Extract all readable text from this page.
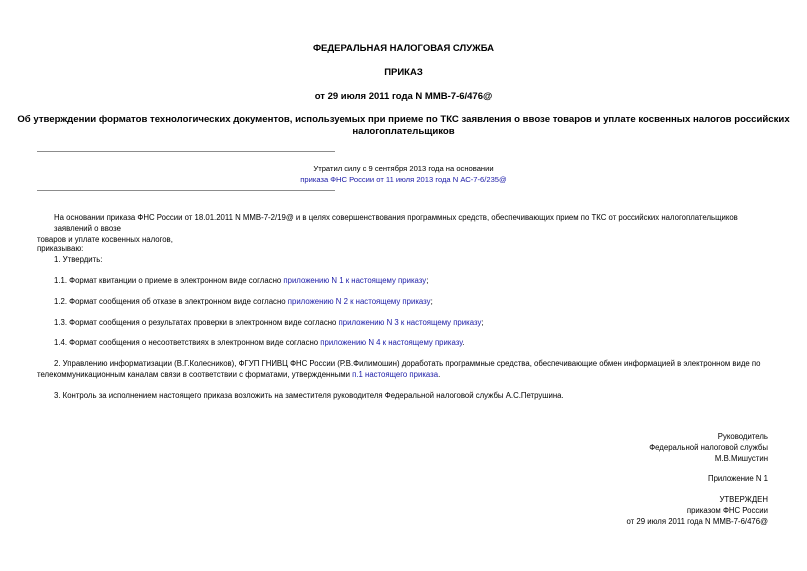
ФЕДЕРАЛЬНАЯ НАЛОГОВАЯ СЛУЖБА
ПРИКАЗ
от 29 июля 2011 года N ММВ-7-6/476@
Об утверждении форматов технологических документов, используемых при приеме по ТКС заявления о ввозе товаров и уплате косвенных налогов российских
налогоплательщиков
Утратил силу с 9 сентября 2013 года на основании
приказа ФНС России от 11 июля 2013 года N АС-7-6/235@
На основании приказа ФНС России от 18.01.2011 N ММВ-7-2/19@ и в целях совершенствования программных средств, обеспечивающих прием по ТКС от российских налогоплательщиков заявлений о ввозе
товаров и уплате косвенных налогов,
приказываю:
1. Утвердить:
1.1. Формат квитанции о приеме в электронном виде согласно приложению N 1 к настоящему приказу;
1.2. Формат сообщения об отказе в электронном виде согласно приложению N 2 к настоящему приказу;
1.3. Формат сообщения о результатах проверки в электронном виде согласно приложению N 3 к настоящему приказу;
1.4. Формат сообщения о несоответствиях в электронном виде согласно приложению N 4 к настоящему приказу.
2. Управлению информатизации (В.Г.Колесников), ФГУП ГНИВЦ ФНС России (Р.В.Филимошин) доработать программные средства, обеспечивающие обмен информацией в электронном виде по
телекоммуникационным каналам связи в соответствии с форматами, утвержденными п.1 настоящего приказа.
3. Контроль за исполнением настоящего приказа возложить на заместителя руководителя Федеральной налоговой службы А.С.Петрушина.
Руководитель
Федеральной налоговой службы
М.В.Мишустин
Приложение N 1
УТВЕРЖДЕН
приказом ФНС России
от 29 июля 2011 года N ММВ-7-6/476@
